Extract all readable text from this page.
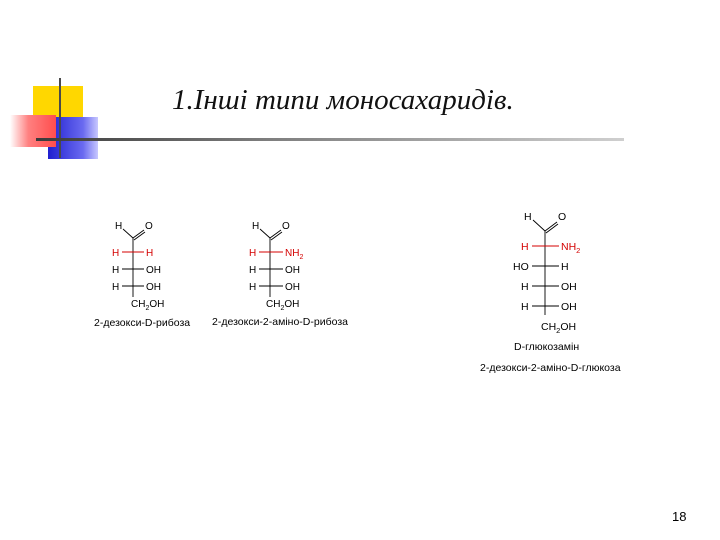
1.Інші типи моносахаридів.
H O
H	H
H	OH
H	OH
$CH_2OH$
2-дезокси-D-рибоза
H O
H	$NH_2$
H	OH
H	OH
$CH_2OH$
2-дезокси-2-аміно-D-рибоза
H	O
H	$NH_2$
HO	H
H	OH
H	OH
$CH_2OH$
D-глюкозамін
2-дезокси-2-аміно-D-глюкоза
18
